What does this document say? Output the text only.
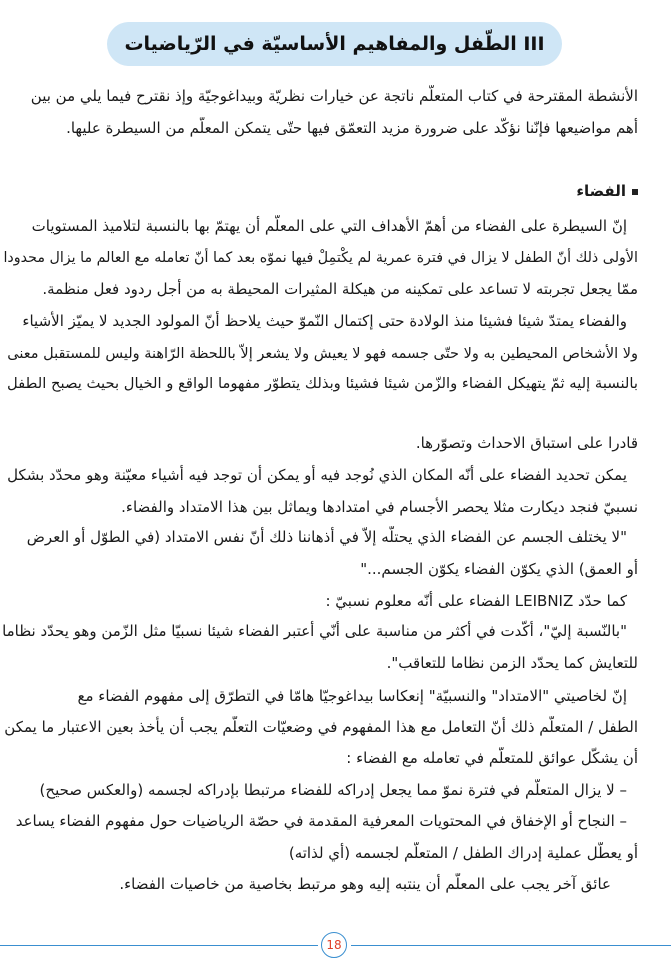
III الطّفل والمفاهيم الأساسيّة في الرّياضيات
الأنشطة المقترحة في كتاب المتعلّم ناتجة عن خيارات نظريّة وبيداغوجيّة وإذ نقترح فيما يلي من بين
أهم مواضيعها فإنّنا نؤكّد على ضرورة مزيد التعمّق فيها حتّى يتمكن المعلّم من السيطرة عليها.
الفضاء
إنّ السيطرة على الفضاء من أهمّ الأهداف التي على المعلّم أن يهتمّ بها بالنسبة لتلاميذ المستويات
الأولى ذلك أنّ الطفل لا يزال في فترة عمرية لم يكْتمِلْ فيها نموّه بعد كما أنّ تعامله مع العالم ما يزال محدودا
ممّا يجعل تجربته لا تساعد على تمكينه من هيكلة المثيرات المحيطة به من أجل ردود فعل منظمة.
والفضاء يمتدّ شيئا فشيئا منذ الولادة حتى إكتمال النّموّ حيث يلاحظ أنّ المولود الجديد لا يميّز الأشياء
ولا الأشخاص المحيطين به ولا حتّى جسمه فهو لا يعيش ولا يشعر إلاّ باللحظة الرّاهنة وليس للمستقبل معنى
بالنسبة إليه ثمّ يتهيكل الفضاء والزّمن شيئا فشيئا وبذلك يتطوّر مفهوما الواقع و الخيال بحيث يصبح الطفل
قادرا على استباق الاحداث وتصوّرها.
يمكن تحديد الفضاء على أنّه المكان الذي نُوجد فيه أو يمكن أن توجد فيه أشياء معيّنة وهو محدّد بشكل
نسبيّ فنجد ديكارت مثلا يحصر الأجسام في امتدادها ويماثل بين هذا الامتداد والفضاء.
"لا يختلف الجسم عن الفضاء الذي يحتلّه إلاّ في أذهاننا ذلك أنّ نفس الامتداد (في الطوّل أو العرض
أو العمق) الذي يكوّن الفضاء يكوّن الجسم..."
كما حدّد LEIBNIZ الفضاء على أنّه معلوم نسبيّ :
"بالنّسبة إليّ"، أكّدت في أكثر من مناسبة على أنّي أعتبر الفضاء شيئا نسبيّا مثل الزّمن وهو يحدّد نظاما
للتعايش كما يحدّد الزمن نظاما للتعاقب".
إنّ لخاصيتي "الامتداد" والنسبيّة" إنعكاسا بيداغوجيّا هامّا في التطرّق إلى مفهوم الفضاء مع
الطفل / المتعلّم ذلك أنّ التعامل مع هذا المفهوم في وضعيّات التعلّم يجب أن يأخذ بعين الاعتبار ما يمكن
أن يشكّل عوائق للمتعلّم في تعامله مع الفضاء :
– لا يزال المتعلّم في فترة نموّ مما يجعل إدراكه للفضاء مرتبطا بإدراكه لجسمه (والعكس صحيح)
– النجاح أو الإخفاق في المحتويات المعرفية المقدمة في حصّة الرياضيات حول مفهوم الفضاء يساعد
أو يعطّل عملية إدراك الطفل / المتعلّم لجسمه (أي لذاته)
عائق آخر يجب على المعلّم أن ينتبه إليه وهو مرتبط بخاصية من خاصيات الفضاء.
18
